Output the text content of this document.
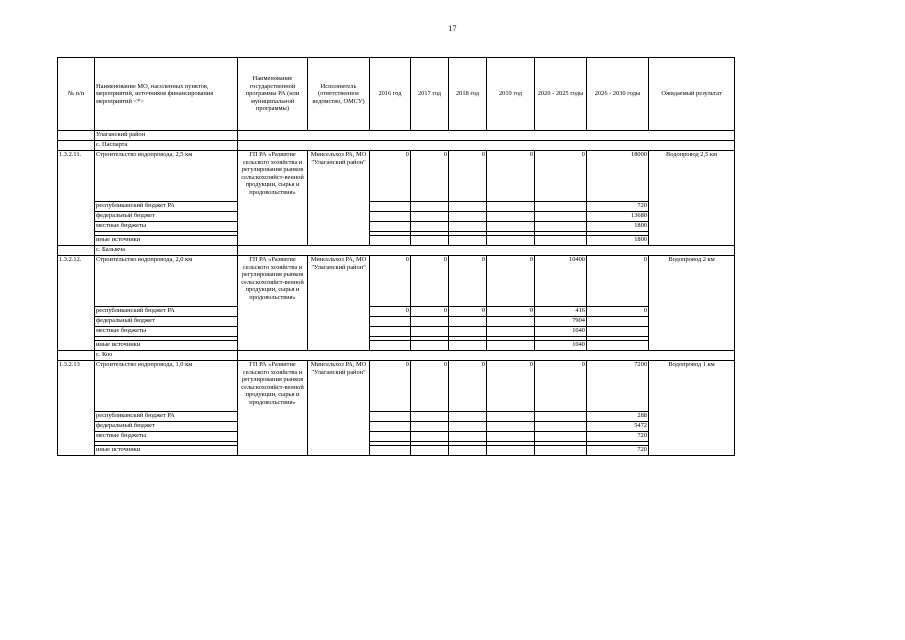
17
№ п/п	Наименование МО, населенных пунктов, мероприятий, источников финансирования мероприятий <*>	Наименование государственной программы РА (или муниципальной программы)	Исполнитель (ответственное ведомство, ОМСУ)	2016 год	2017 год	2018 год	2019 год	2020 - 2025 годы	2026 - 2030 годы	Ожидаемый результат
	Улаганский район									
	с. Паспарта									
1.3.2.11.	Строительство водопровода, 2,5 км	ГП РА «Развитие сельского хозяйства и регулирования рынков сельскохозяйст-венной продукции, сырья и продовольствия»	Минсельхоз РА, МО "Улаганский район"	0	0	0	0	0	18000	Водопровод 2,5 км
	республиканский бюджет РА								720	
	федеральный бюджет								13680	
	местные бюджеты								1800	

	иные источники								1800	
	с. Балыкча									
1.3.2.12.	Строительство водопровода, 2,0 км	ГП РА «Развитие сельского хозяйства и регулирования рынков сельскохозяйст-венной продукции, сырья и продовольствия»	Минсельхоз РА, МО "Улаганский район"	0	0	0	0	10400	0	Водопровод 2 км
	республиканский бюджет РА			0	0	0	0	416	0	
	федеральный бюджет							7904		
	местные бюджеты							1040		

	иные источники							1040		
	с. Коо									
1.3.2.13	Строительство водопровода, 1,0 км	ГП РА «Развитие сельского хозяйства и регулирования рынков сельскохозяйст-венной продукции, сырья и продовольствия»	Минсельхоз РА, МО "Улаганский район"	0	0	0	0	0	7200	Водопровод 1 км
	республиканский бюджет РА								288	
	федеральный бюджет								5472	
	местные бюджеты								720	

	иные источники								720	
